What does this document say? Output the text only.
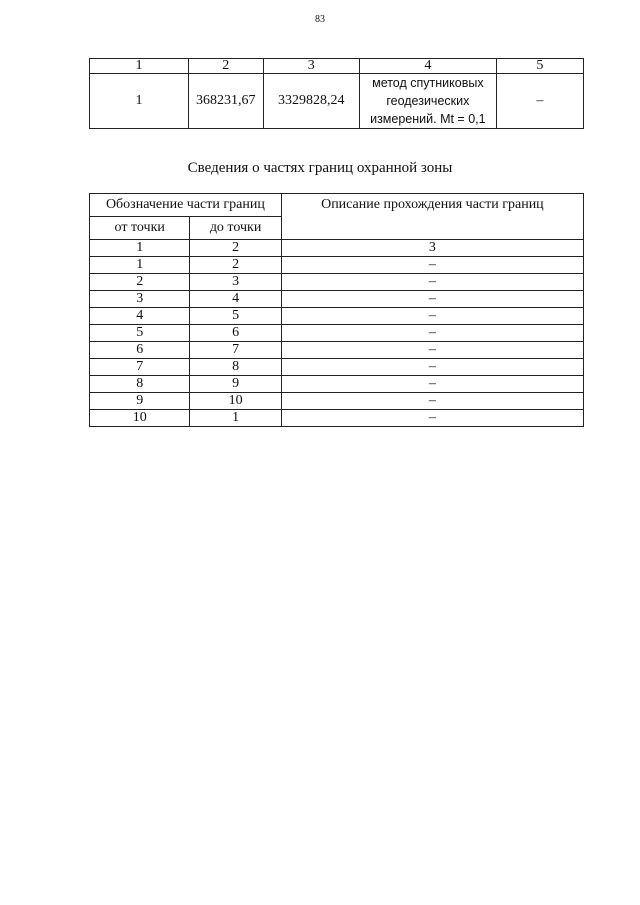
83
1	2	3	4	5
1	368231,67	3329828,24	метод спутниковых геодезических измерений. Mt = 0,1	–
Сведения о частях границ охранной зоны
Обозначение части границ		Описание прохождения части границ
от точки	до точки	
1	2	3
1	2	–
2	3	–
3	4	–
4	5	–
5	6	–
6	7	–
7	8	–
8	9	–
9	10	–
10	1	–
